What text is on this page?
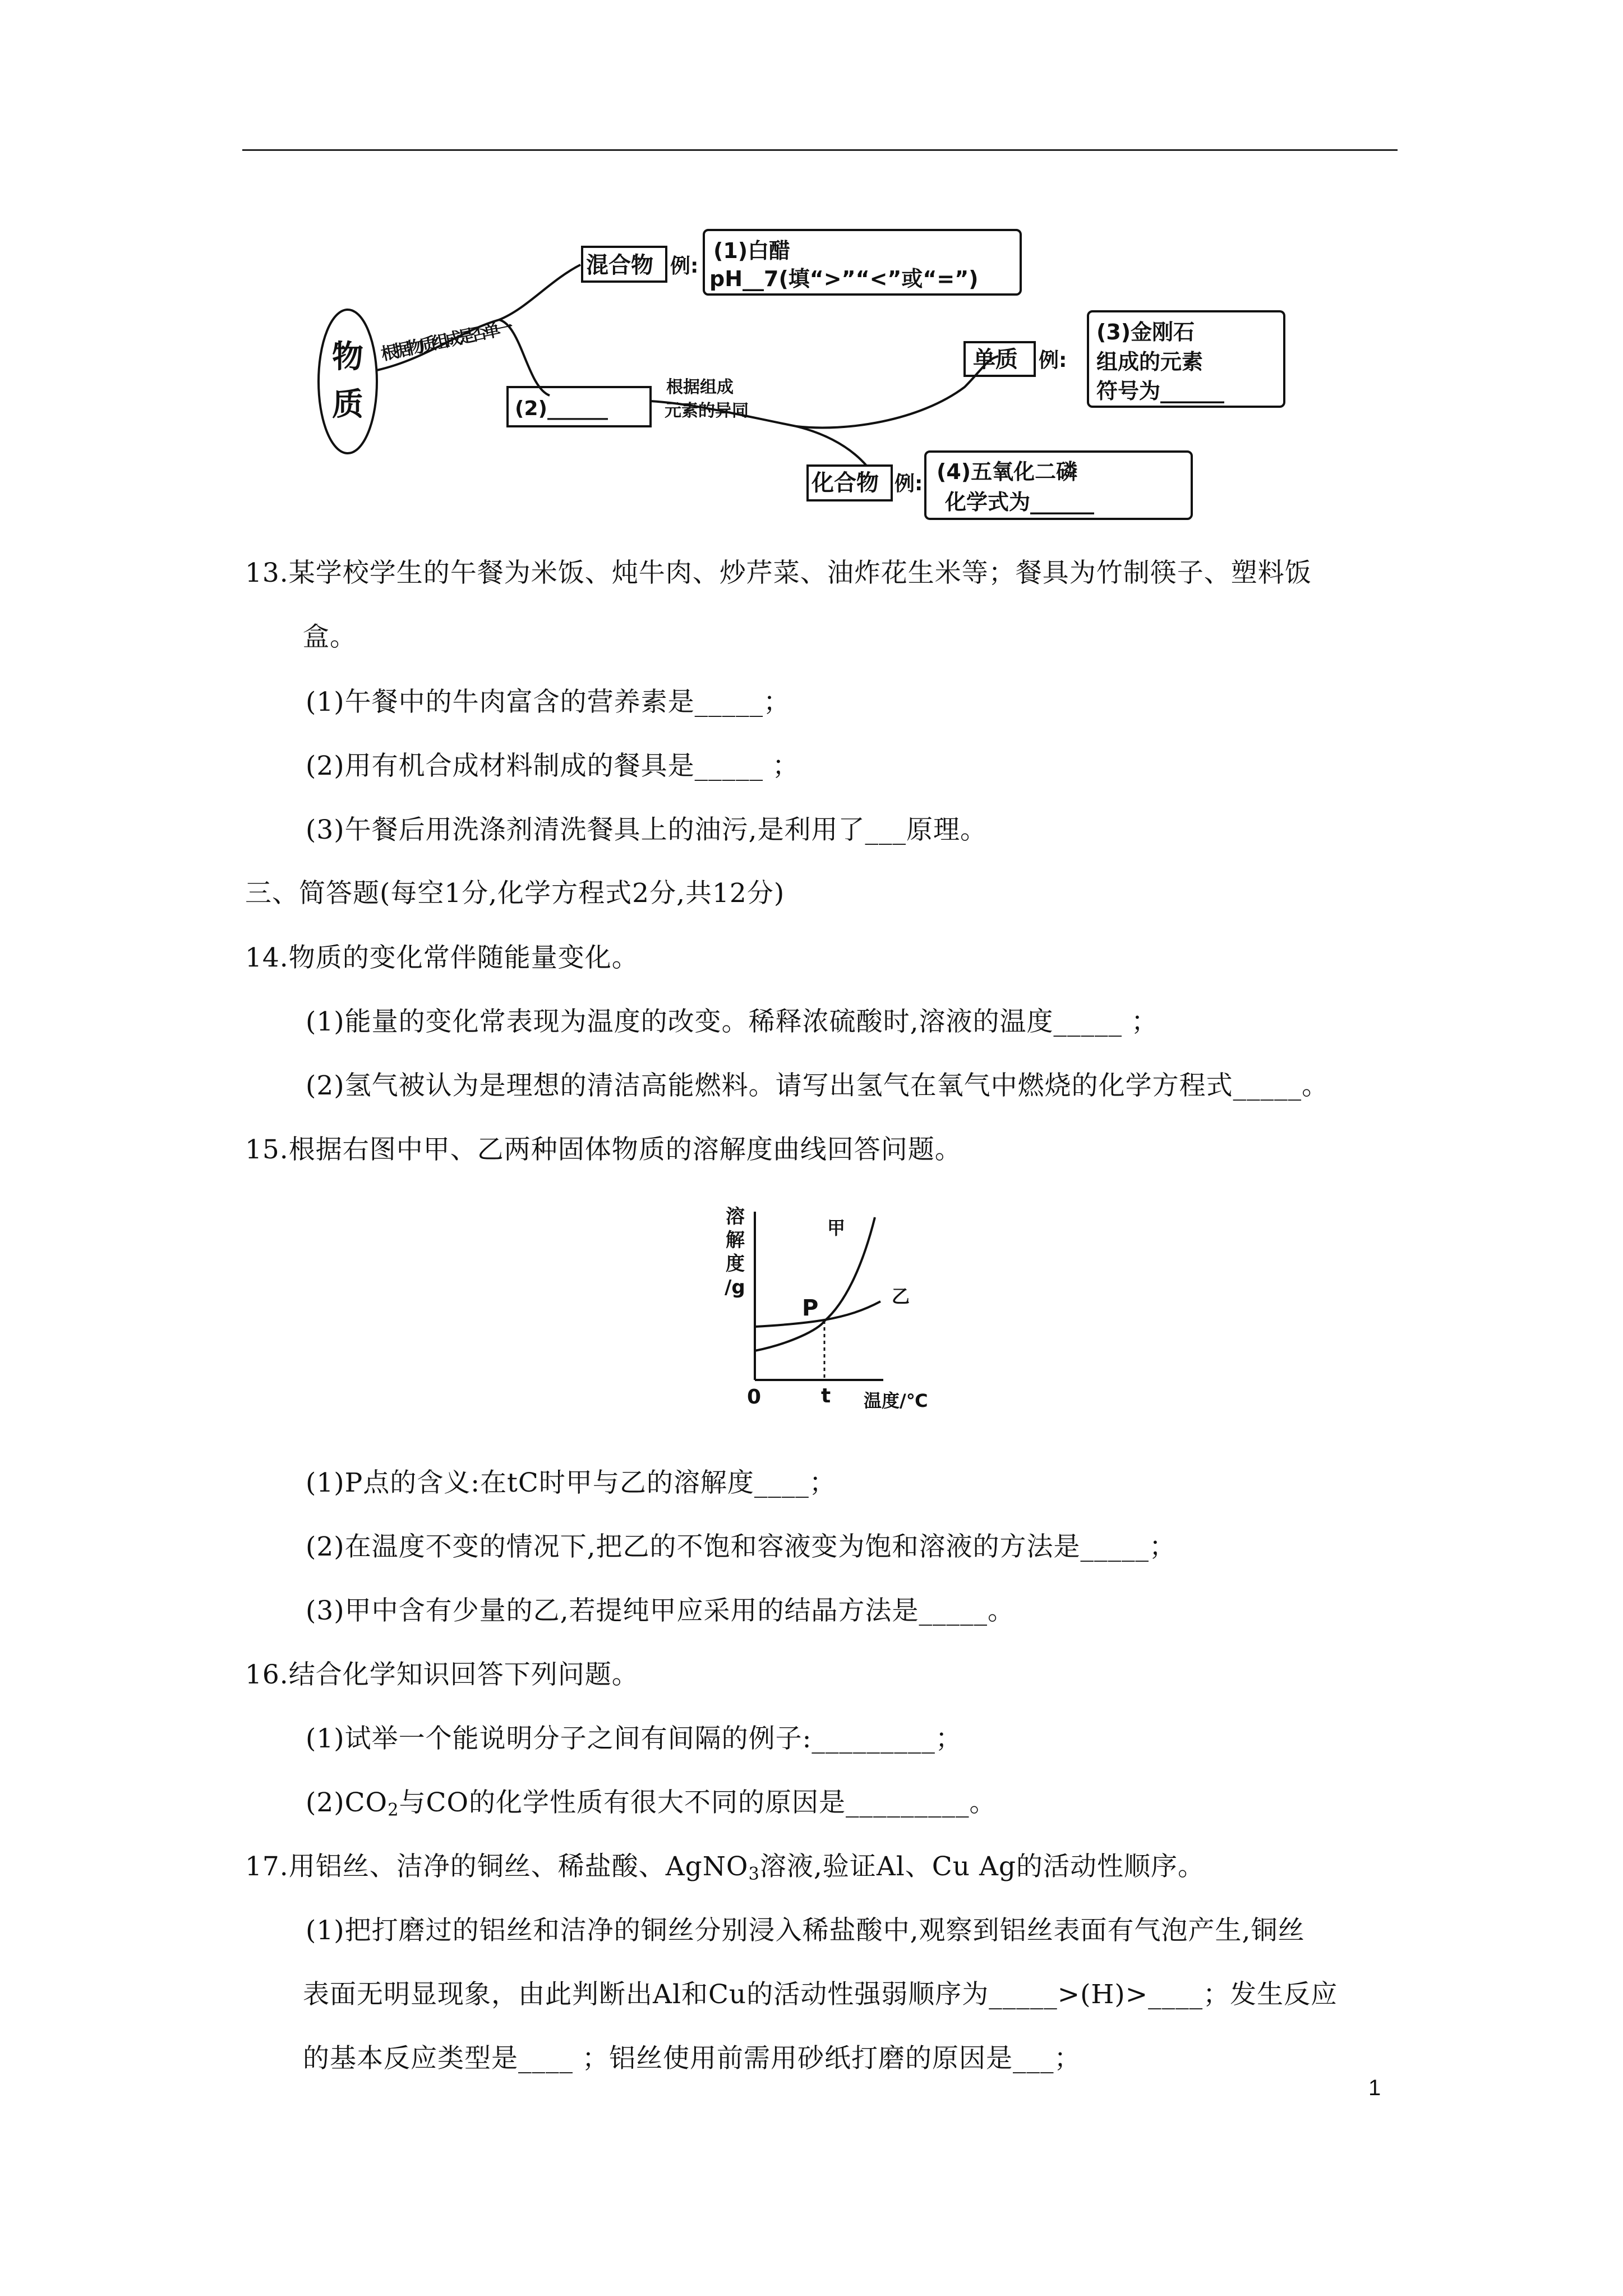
物
质
根据物质组成是否单一
根据组成
元素的异同
混合物 例:
(1)白醋
pH__7(填“>”“<”或“=”)
(2)______
单质 例:
(3)金刚石
组成的元素
符号为______
化合物 例: (4)五氧化二磷
化学式为______
13.某学校学生的午餐为米饭、炖牛肉、炒芹菜、油炸花生米等；餐具为竹制筷子、塑料饭
盒。
(1)午餐中的牛肉富含的营养素是_____；
(2)用有机合成材料制成的餐具是_____ ；
(3)午餐后用洗涤剂清洗餐具上的油污,是利用了___原理。
三、简答题(每空1分,化学方程式2分,共12分)
14.物质的变化常伴随能量变化。
(1)能量的变化常表现为温度的改变。稀释浓硫酸时,溶液的温度_____ ；
(2)氢气被认为是理想的清洁高能燃料。请写出氢气在氧气中燃烧的化学方程式_____。
15.根据右图中甲、乙两种固体物质的溶解度曲线回答问题。
溶
解
度
/g
甲
乙
P
0	t 温度/℃
(1)P点的含义:在tC时甲与乙的溶解度____；
(2)在温度不变的情况下,把乙的不饱和容液变为饱和溶液的方法是_____；
(3)甲中含有少量的乙,若提纯甲应采用的结晶方法是_____。
16.结合化学知识回答下列问题。
(1)试举一个能说明分子之间有间隔的例子:_________；
(2)CO2与CO的化学性质有很大不同的原因是_________。
17.用铝丝、洁净的铜丝、稀盐酸、AgNO3溶液,验证Al、Cu Ag的活动性顺序。
(1)把打磨过的铝丝和洁净的铜丝分别浸入稀盐酸中,观察到铝丝表面有气泡产生,铜丝
表面无明显现象，由此判断出Al和Cu的活动性强弱顺序为_____>(H)>____；发生反应
的基本反应类型是____ ；铝丝使用前需用砂纸打磨的原因是___；
1
